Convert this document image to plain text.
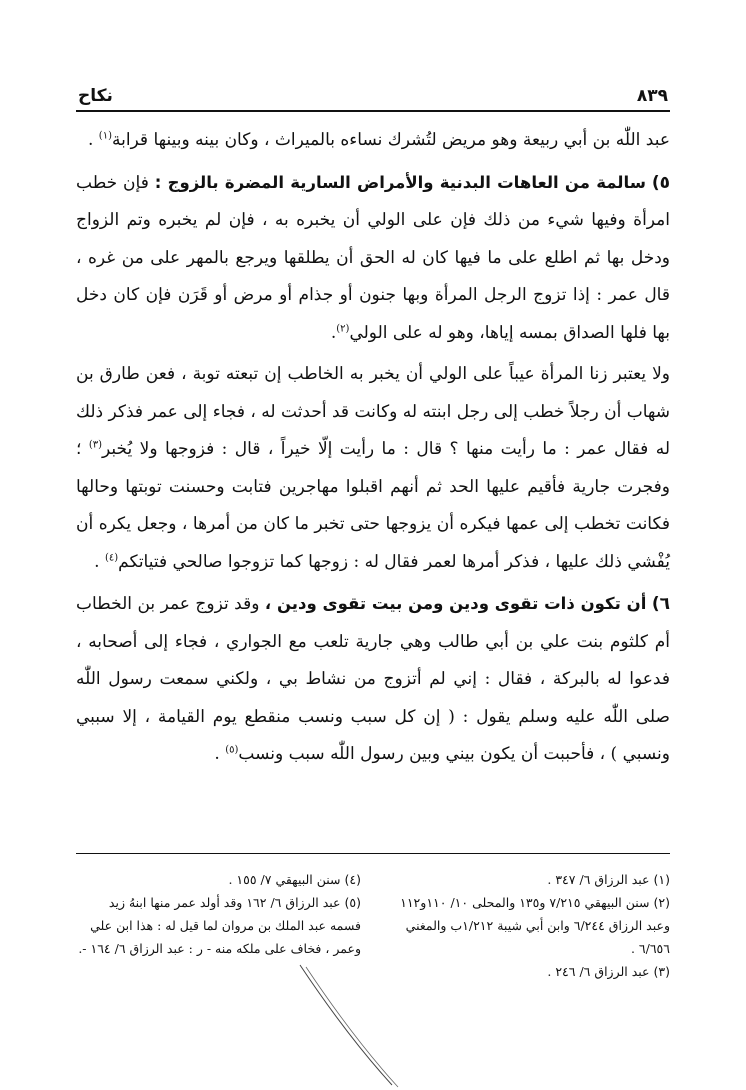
٨٣٩
نكاح

عبد اللّٰه بن أبي ربيعة وهو مريض لتُشرك نساءه بالميراث ، وكان بينه وبينها قرابة$^{(١)}$ .

٥) سالمة من العاهات البدنية والأمراض السارية المضرة بالزوج : فإن خطب امرأة وفيها شيء من ذلك فإن على الولي أن يخبره به ، فإن لم يخبره وتم الزواج ودخل بها ثم اطلع على ما فيها كان له الحق أن يطلقها ويرجع بالمهر على من غره ، قال عمر : إذا تزوج الرجل المرأة وبها جنون أو جذام أو مرض أو قَرَن فإن كان دخل بها فلها الصداق بمسه إياها، وهو له على الولي$^{(٢)}$.

ولا يعتبر زنا المرأة عيباً على الولي أن يخبر به الخاطب إن تبعته توبة ، فعن طارق بن شهاب أن رجلاً خطب إلى رجل ابنته له وكانت قد أحدثت له ، فجاء إلى عمر فذكر ذلك له فقال عمر : ما رأيت منها ؟ قال : ما رأيت إلّا خيراً ، قال : فزوجها ولا يُخبر$^{(٣)}$ ؛ وفجرت جارية فأقيم عليها الحد ثم أنهم اقبلوا مهاجرين فتابت وحسنت توبتها وحالها فكانت تخطب إلى عمها فيكره أن يزوجها حتى تخبر ما كان من أمرها ، وجعل يكره أن يُفْشي ذلك عليها ، فذكر أمرها لعمر فقال له : زوجها كما تزوجوا صالحي فتياتكم$^{(٤)}$ .

٦) أن تكون ذات تقوى ودين ومن بيت تقوى ودين ، وقد تزوج عمر بن الخطاب أم كلثوم بنت علي بن أبي طالب وهي جارية تلعب مع الجواري ، فجاء إلى أصحابه ، فدعوا له بالبركة ، فقال : إني لم أتزوج من نشاط بي ، ولكني سمعت رسول اللّٰه صلى اللّٰه عليه وسلم يقول : ( إن كل سبب ونسب منقطع يوم القيامة ، إلا سببي ونسبي ) ، فأحببت أن يكون بيني وبين رسول اللّٰه سبب ونسب$^{(٥)}$ .

(١) عبد الرزاق ٦/ ٣٤٧ .

(٢) سنن البيهقي ٧/٢١٥ و١٣٥ والمحلى ١٠/ ١١٠و١١٢ وعبد الرزاق ٦/٢٤٤ وابن أبي شيبة ١/٢١٢ب والمغني ٦/٦٥٦ .

(٣) عبد الرزاق ٦/ ٢٤٦ .

(٤) سنن البيهقي ٧/ ١٥٥ .

(٥) عبد الرزاق ٦/ ١٦٢ وقد أولد عمر منها ابنهُ زيد فسمه عبد الملك بن مروان لما قيل له : هذا ابن علي وعمر ، فخاف على ملكه منه - ر : عبد الرزاق ٦/ ١٦٤ -.
